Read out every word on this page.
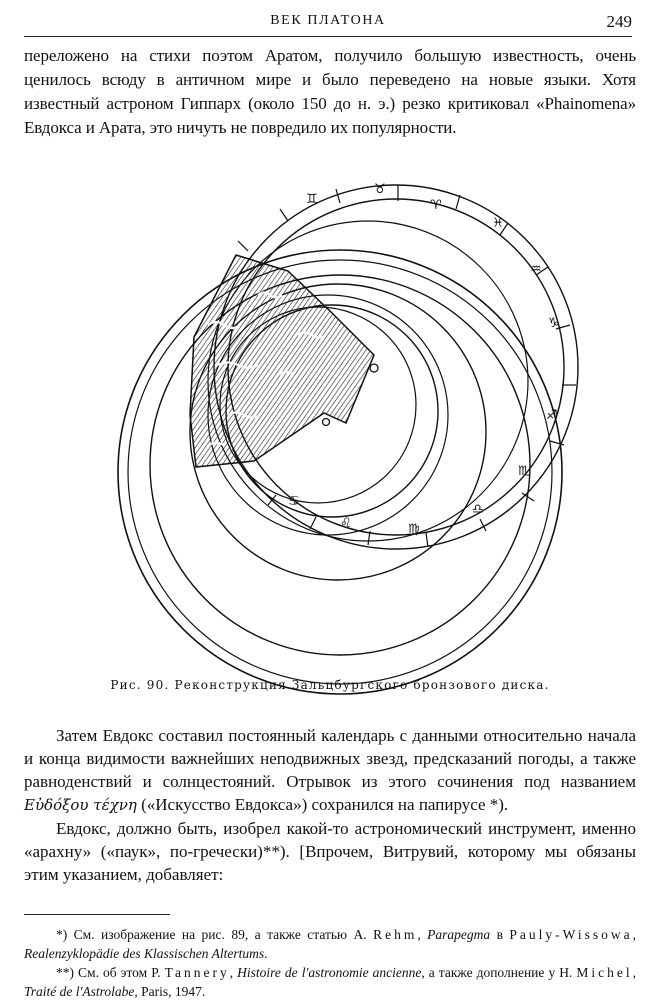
ВЕК ПЛАТОНА	249
переложено на стихи поэтом Аратом, получило большую известность, очень ценилось всюду в античном мире и было переведено на новые языки. Хотя известный астроном Гиппарх (около 150 до н. э.) резко критиковал «Phainomena» Евдокса и Арата, это ничуть не повредило их популярности.
♊
♉
♈
♓
♒
♑
♐
♏
♎
♍
♌
♋
Рис. 90. Реконструкция Зальцбургского бронзового диска.

Затем Евдокс составил постоянный календарь с данными относительно начала и конца видимости важнейших неподвижных звезд, предсказаний погоды, а также равноденствий и солнцестояний. Отрывок из этого сочинения под названием Εὐδόξου τέχνη («Искусство Евдокса») сохранился на папирусе *).

Евдокс, должно быть, изобрел какой-то астрономический инструмент, именно «арахну» («паук», по-гречески)**). [Впрочем, Витрувий, которому мы обязаны этим указанием, добавляет:

*) См. изображение на рис. 89, а также статью А. Rehm, Parapegma в Pauly-Wissowa, Realenzyklopädie des Klassischen Altertums.

**) См. об этом P. Tannery, Histoire de l'astronomie ancienne, а также дополнение у H. Michel, Traité de l'Astrolabe, Paris, 1947.
